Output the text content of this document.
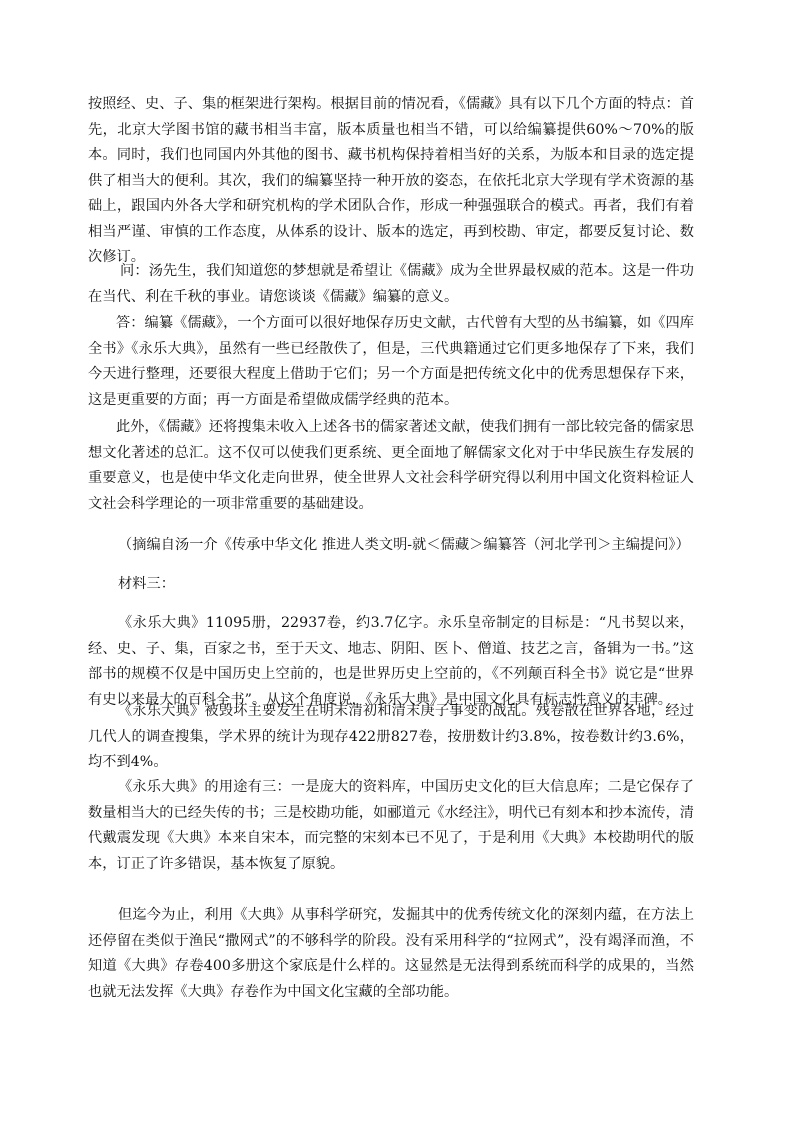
按照经、史、子、集的框架进行架构。根据目前的情况看，《儒藏》具有以下几个方面的特点：首先，北京大学图书馆的藏书相当丰富，版本质量也相当不错，可以给编纂提供60%～70%的版本。同时，我们也同国内外其他的图书、藏书机构保持着相当好的关系，为版本和目录的选定提供了相当大的便利。其次，我们的编纂坚持一种开放的姿态，在依托北京大学现有学术资源的基础上，跟国内外各大学和研究机构的学术团队合作，形成一种强强联合的模式。再者，我们有着相当严谨、审慎的工作态度，从体系的设计、版本的选定，再到校勘、审定，都要反复讨论、数次修订。

问：汤先生，我们知道您的梦想就是希望让《儒藏》成为全世界最权威的范本。这是一件功在当代、利在千秋的事业。请您谈谈《儒藏》编纂的意义。

答：编纂《儒藏》，一个方面可以很好地保存历史文献，古代曾有大型的丛书编纂，如《四库全书》《永乐大典》，虽然有一些已经散佚了，但是，三代典籍通过它们更多地保存了下来，我们今天进行整理，还要很大程度上借助于它们；另一个方面是把传统文化中的优秀思想保存下来，这是更重要的方面；再一方面是希望做成儒学经典的范本。

此外，《儒藏》还将搜集未收入上述各书的儒家著述文献，使我们拥有一部比较完备的儒家思想文化著述的总汇。这不仅可以使我们更系统、更全面地了解儒家文化对于中华民族生存发展的重要意义，也是使中华文化走向世界，使全世界人文社会科学研究得以利用中国文化资料检证人文社会科学理论的一项非常重要的基础建设。

（摘编自汤一介《传承中华文化 推进人类文明-就＜儒藏＞编纂答（河北学刊＞主编提问》）

材料三：

《永乐大典》11095册，22937卷，约3.7亿字。永乐皇帝制定的目标是：“凡书契以来，经、史、子、集，百家之书，至于天文、地志、阴阳、医卜、僧道、技艺之言，备辑为一书。”这部书的规模不仅是中国历史上空前的，也是世界历史上空前的，《不列颠百科全书》说它是“世界有史以来最大的百科全书”。从这个角度说，《永乐大典》是中国文化具有标志性意义的丰碑。

《永乐大典》被毁坏主要发生在明末清初和清末庚子事变的战乱。残卷散在世界各地，经过几代人的调查搜集，学术界的统计为现存422册827卷，按册数计约3.8%，按卷数计约3.6%，均不到4%。

《永乐大典》的用途有三：一是庞大的资料库，中国历史文化的巨大信息库；二是它保存了数量相当大的已经失传的书；三是校勘功能，如郦道元《水经注》，明代已有刻本和抄本流传，清代戴震发现《大典》本来自宋本，而完整的宋刻本已不见了，于是利用《大典》本校勘明代的版本，订正了许多错误，基本恢复了原貌。

但迄今为止，利用《大典》从事科学研究，发掘其中的优秀传统文化的深刻内蕴，在方法上还停留在类似于渔民“撒网式”的不够科学的阶段。没有采用科学的“拉网式”，没有竭泽而渔，不知道《大典》存卷400多册这个家底是什么样的。这显然是无法得到系统而科学的成果的，当然也就无法发挥《大典》存卷作为中国文化宝藏的全部功能。
